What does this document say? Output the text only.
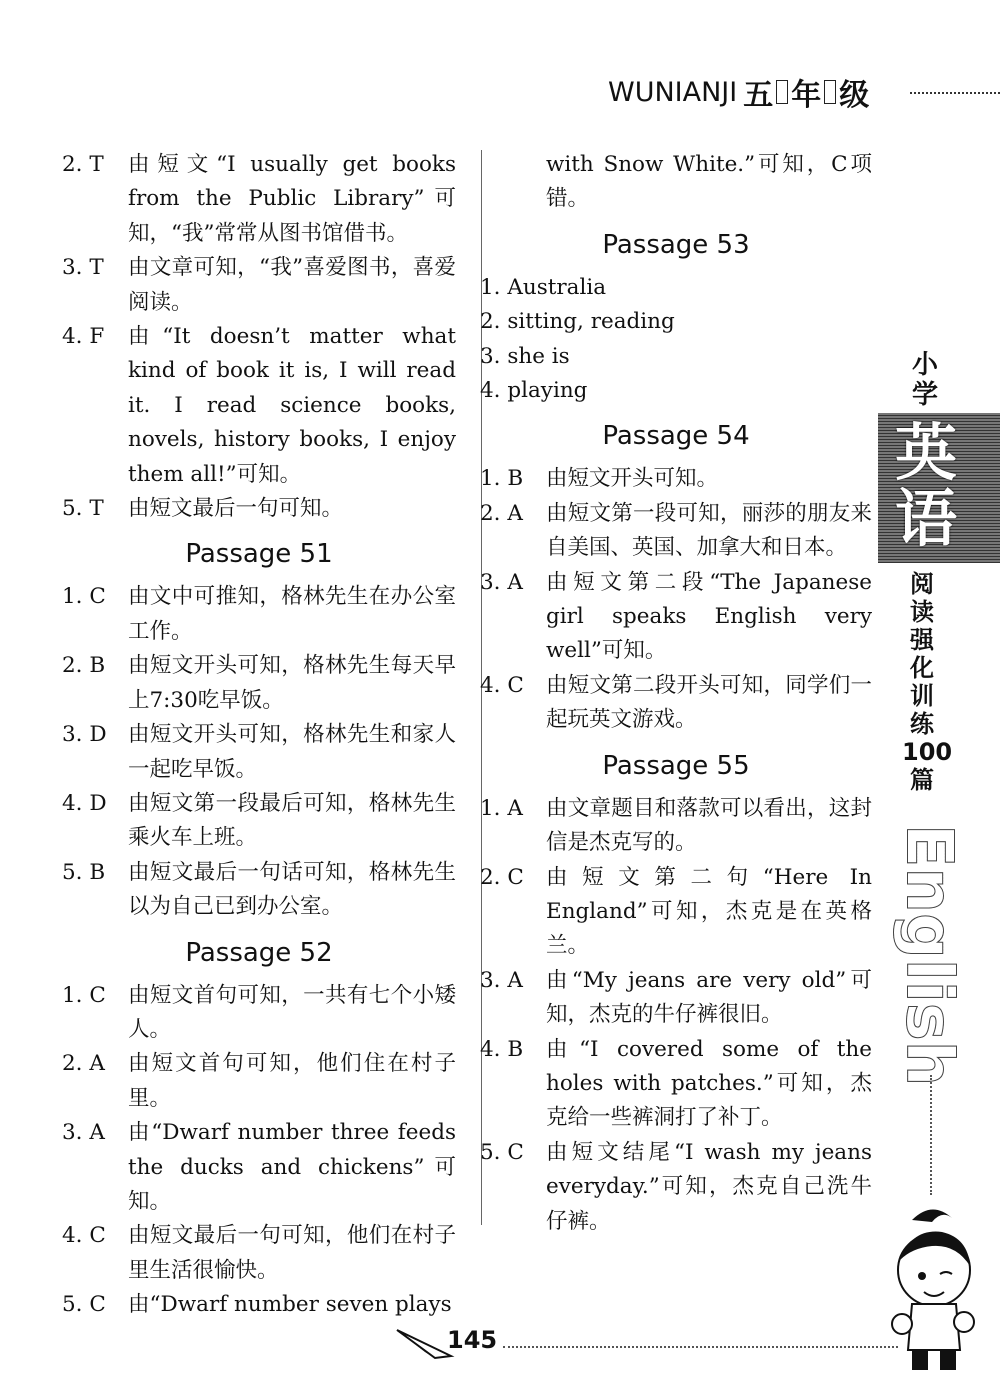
WUNIANJI 五 年 级
2. T	由短文“I usually get books from the Public Library”可知，“我”常常从图书馆借书。
3. T	由文章可知，“我”喜爱图书，喜爱阅读。
4. F	由“It doesn’t matter what kind of book it is, I will read it. I read science books, novels, history books, I enjoy them all!”可知。
5. T	由短文最后一句可知。
Passage 51
1. C	由文中可推知，格林先生在办公室工作。
2. B	由短文开头可知，格林先生每天早上7:30吃早饭。
3. D 由短文开头可知，格林先生和家人一起吃早饭。
4. D 由短文第一段最后可知，格林先生乘火车上班。
5. B	由短文最后一句话可知，格林先生以为自己已到办公室。
Passage 52
1. C	由短文首句可知，一共有七个小矮人。
2. A	由短文首句可知，他们住在村子里。
3. A	由“Dwarf number three feeds the ducks and chickens”可知。
4. C	由短文最后一句可知，他们在村子里生活很愉快。
5. C	由“Dwarf number seven plays
with Snow White.”可知，C项错。
Passage 53
1. Australia
2. sitting, reading
3. she is
4. playing
Passage 54
1. B	由短文开头可知。
2. A	由短文第一段可知，丽莎的朋友来自美国、英国、加拿大和日本。
3. A	由短文第二段“The Japanese girl speaks English very well”可知。
4. C	由短文第二段开头可知，同学们一起玩英文游戏。
Passage 55
1. A	由文章题目和落款可以看出，这封信是杰克写的。
2. C	由短文第二句“Here In England”可知，杰克是在英格兰。
3. A	由“My jeans are very old”可知，杰克的牛仔裤很旧。
4. B	由“I covered some of the holes with patches.”可知，杰克给一些裤洞打了补丁。
5. C	由短文结尾“I wash my jeans everyday.”可知，杰克自己洗牛仔裤。
小学
英语
阅读强化训练100篇
English
145
